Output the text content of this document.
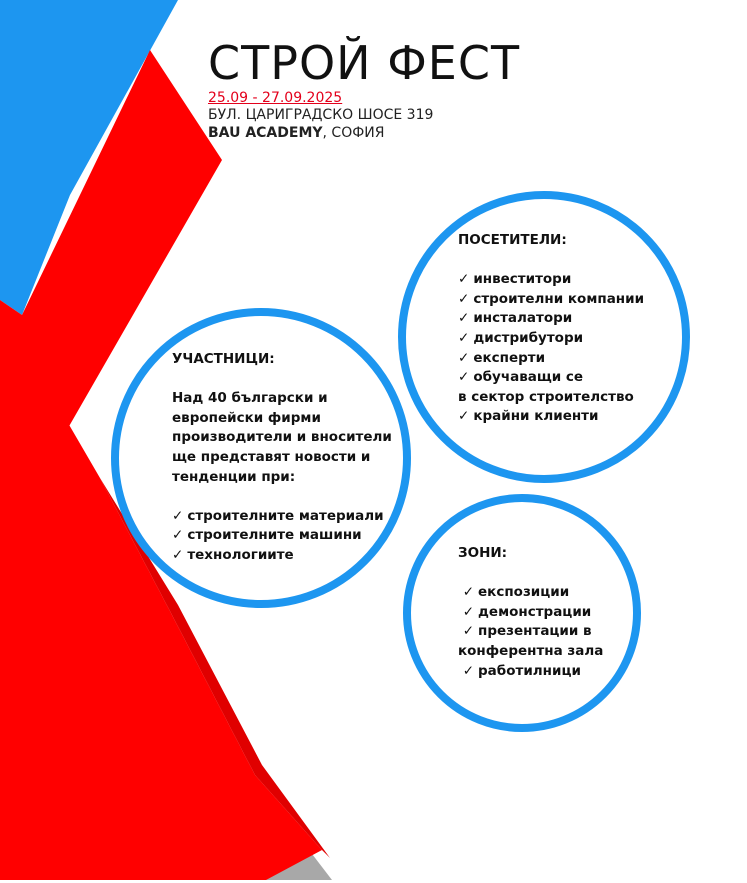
СТРОЙ ФЕСТ
25.09 - 27.09.2025
БУЛ. ЦАРИГРАДСКО ШОСЕ 319
BAU ACADEMY, СОФИЯ
УЧАСТНИЦИ:
Над 40 български и
европейски фирми
производители и вносители
ще представят новости и
тенденции при:
✓ строителните материали
✓ строителните машини
✓ технологиите
ПОСЕТИТЕЛИ:
✓ инвеститори
✓ строителни компании
✓ инсталатори
✓ дистрибутори
✓ експерти
✓ обучаващи се
в сектор строителство
✓ крайни клиенти
ЗОНИ:
✓ експозиции
✓ демонстрации
✓ презентации в
конферентна зала
✓ работилници
